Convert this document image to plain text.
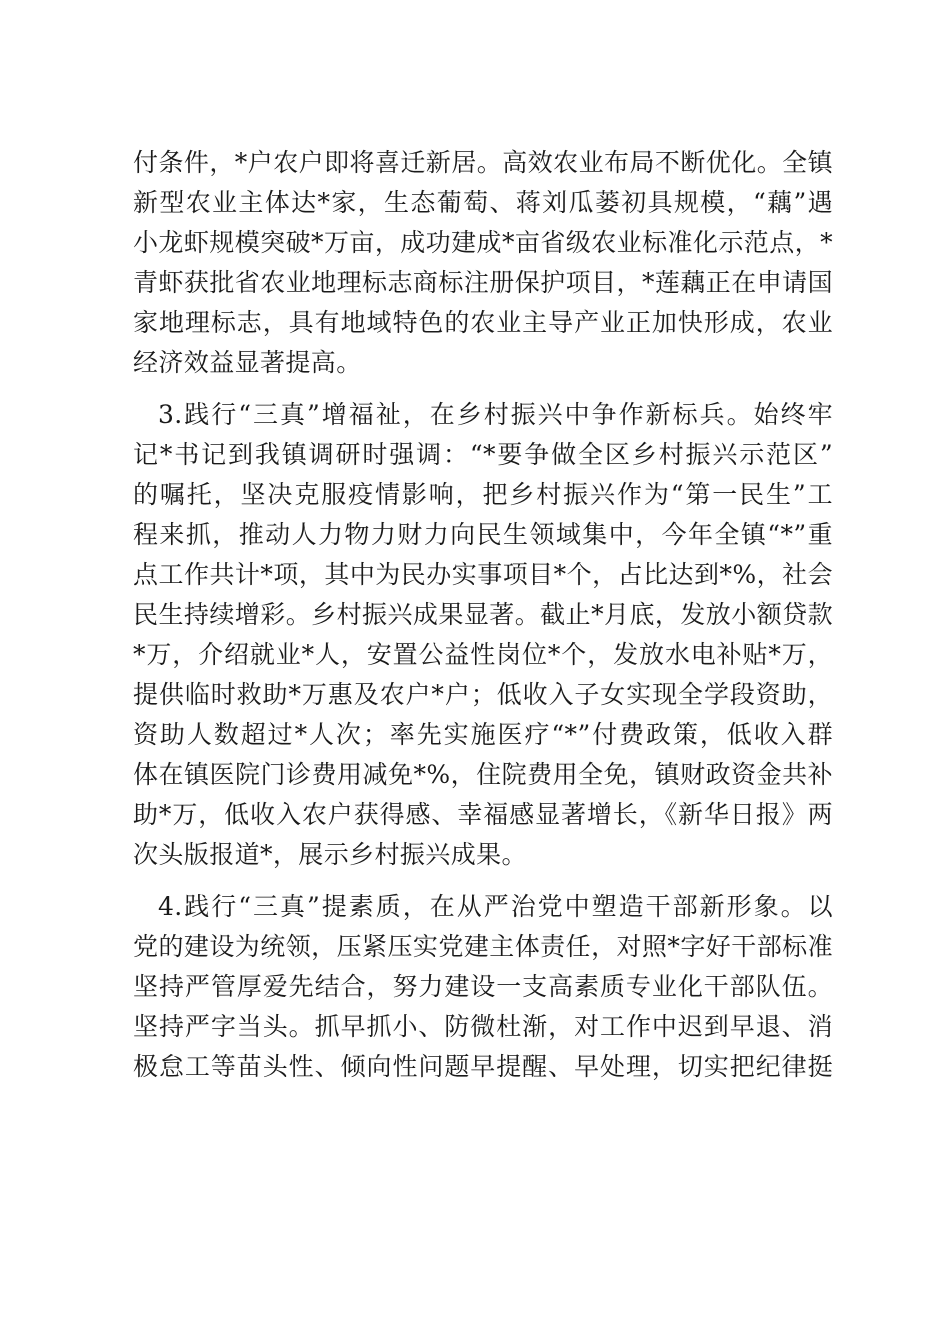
付条件，*户农户即将喜迁新居。高效农业布局不断优化。全镇
新型农业主体达*家，生态葡萄、蒋刘瓜蒌初具规模，“藕”遇
小龙虾规模突破*万亩，成功建成*亩省级农业标准化示范点，*
青虾获批省农业地理标志商标注册保护项目，*莲藕正在申请国
家地理标志，具有地域特色的农业主导产业正加快形成，农业
经济效益显著提高。
3.践行“三真”增福祉，在乡村振兴中争作新标兵。始终牢
记*书记到我镇调研时强调：“*要争做全区乡村振兴示范区”
的嘱托，坚决克服疫情影响，把乡村振兴作为“第一民生”工
程来抓，推动人力物力财力向民生领域集中，今年全镇“*”重
点工作共计*项，其中为民办实事项目*个，占比达到*%，社会
民生持续增彩。乡村振兴成果显著。截止*月底，发放小额贷款
*万，介绍就业*人，安置公益性岗位*个，发放水电补贴*万，
提供临时救助*万惠及农户*户；低收入子女实现全学段资助，
资助人数超过*人次；率先实施医疗“*”付费政策，低收入群
体在镇医院门诊费用减免*%，住院费用全免，镇财政资金共补
助*万，低收入农户获得感、幸福感显著增长，《新华日报》两
次头版报道*，展示乡村振兴成果。
4.践行“三真”提素质，在从严治党中塑造干部新形象。以
党的建设为统领，压紧压实党建主体责任，对照*字好干部标准
坚持严管厚爱先结合，努力建设一支高素质专业化干部队伍。
坚持严字当头。抓早抓小、防微杜渐，对工作中迟到早退、消
极怠工等苗头性、倾向性问题早提醒、早处理，切实把纪律挺
